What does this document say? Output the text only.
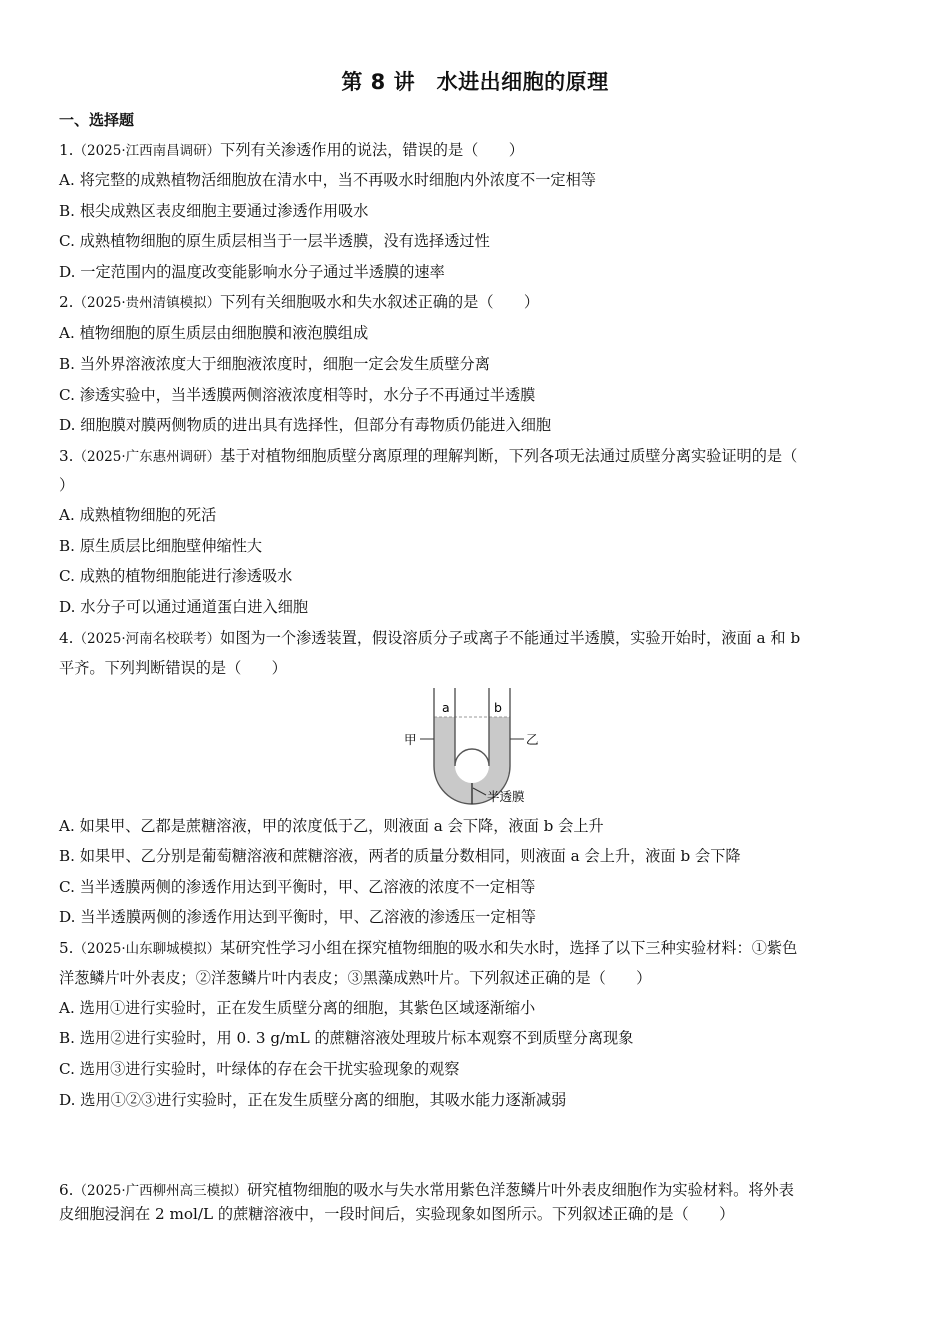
第 8 讲　水进出细胞的原理
一、选择题
1.（2025·江西南昌调研）下列有关渗透作用的说法，错误的是（　　）
A. 将完整的成熟植物活细胞放在清水中，当不再吸水时细胞内外浓度不一定相等
B. 根尖成熟区表皮细胞主要通过渗透作用吸水
C. 成熟植物细胞的原生质层相当于一层半透膜，没有选择透过性
D. 一定范围内的温度改变能影响水分子通过半透膜的速率
2.（2025·贵州清镇模拟）下列有关细胞吸水和失水叙述正确的是（　　）
A. 植物细胞的原生质层由细胞膜和液泡膜组成
B. 当外界溶液浓度大于细胞液浓度时，细胞一定会发生质壁分离
C. 渗透实验中，当半透膜两侧溶液浓度相等时，水分子不再通过半透膜
D. 细胞膜对膜两侧物质的进出具有选择性，但部分有毒物质仍能进入细胞
3.（2025·广东惠州调研）基于对植物细胞质壁分离原理的理解判断，下列各项无法通过质壁分离实验证明的是（
）
A. 成熟植物细胞的死活
B. 原生质层比细胞壁伸缩性大
C. 成熟的植物细胞能进行渗透吸水
D. 水分子可以通过通道蛋白进入细胞
4.（2025·河南名校联考）如图为一个渗透装置，假设溶质分子或离子不能通过半透膜，实验开始时，液面 a 和 b
平齐。下列判断错误的是（　　）
a	b
甲	乙
半透膜
A. 如果甲、乙都是蔗糖溶液，甲的浓度低于乙，则液面 a 会下降，液面 b 会上升
B. 如果甲、乙分别是葡萄糖溶液和蔗糖溶液，两者的质量分数相同，则液面 a 会上升，液面 b 会下降
C. 当半透膜两侧的渗透作用达到平衡时，甲、乙溶液的浓度不一定相等
D. 当半透膜两侧的渗透作用达到平衡时，甲、乙溶液的渗透压一定相等
5.（2025·山东聊城模拟）某研究性学习小组在探究植物细胞的吸水和失水时，选择了以下三种实验材料：①紫色
洋葱鳞片叶外表皮；②洋葱鳞片叶内表皮；③黑藻成熟叶片。下列叙述正确的是（　　）
A. 选用①进行实验时，正在发生质壁分离的细胞，其紫色区域逐渐缩小
B. 选用②进行实验时，用 0. 3 g/mL 的蔗糖溶液处理玻片标本观察不到质壁分离现象
C. 选用③进行实验时，叶绿体的存在会干扰实验现象的观察
D. 选用①②③进行实验时，正在发生质壁分离的细胞，其吸水能力逐渐减弱
6.（2025·广西柳州高三模拟）研究植物细胞的吸水与失水常用紫色洋葱鳞片叶外表皮细胞作为实验材料。将外表
皮细胞浸润在 2 mol/L 的蔗糖溶液中，一段时间后，实验现象如图所示。下列叙述正确的是（　　）
